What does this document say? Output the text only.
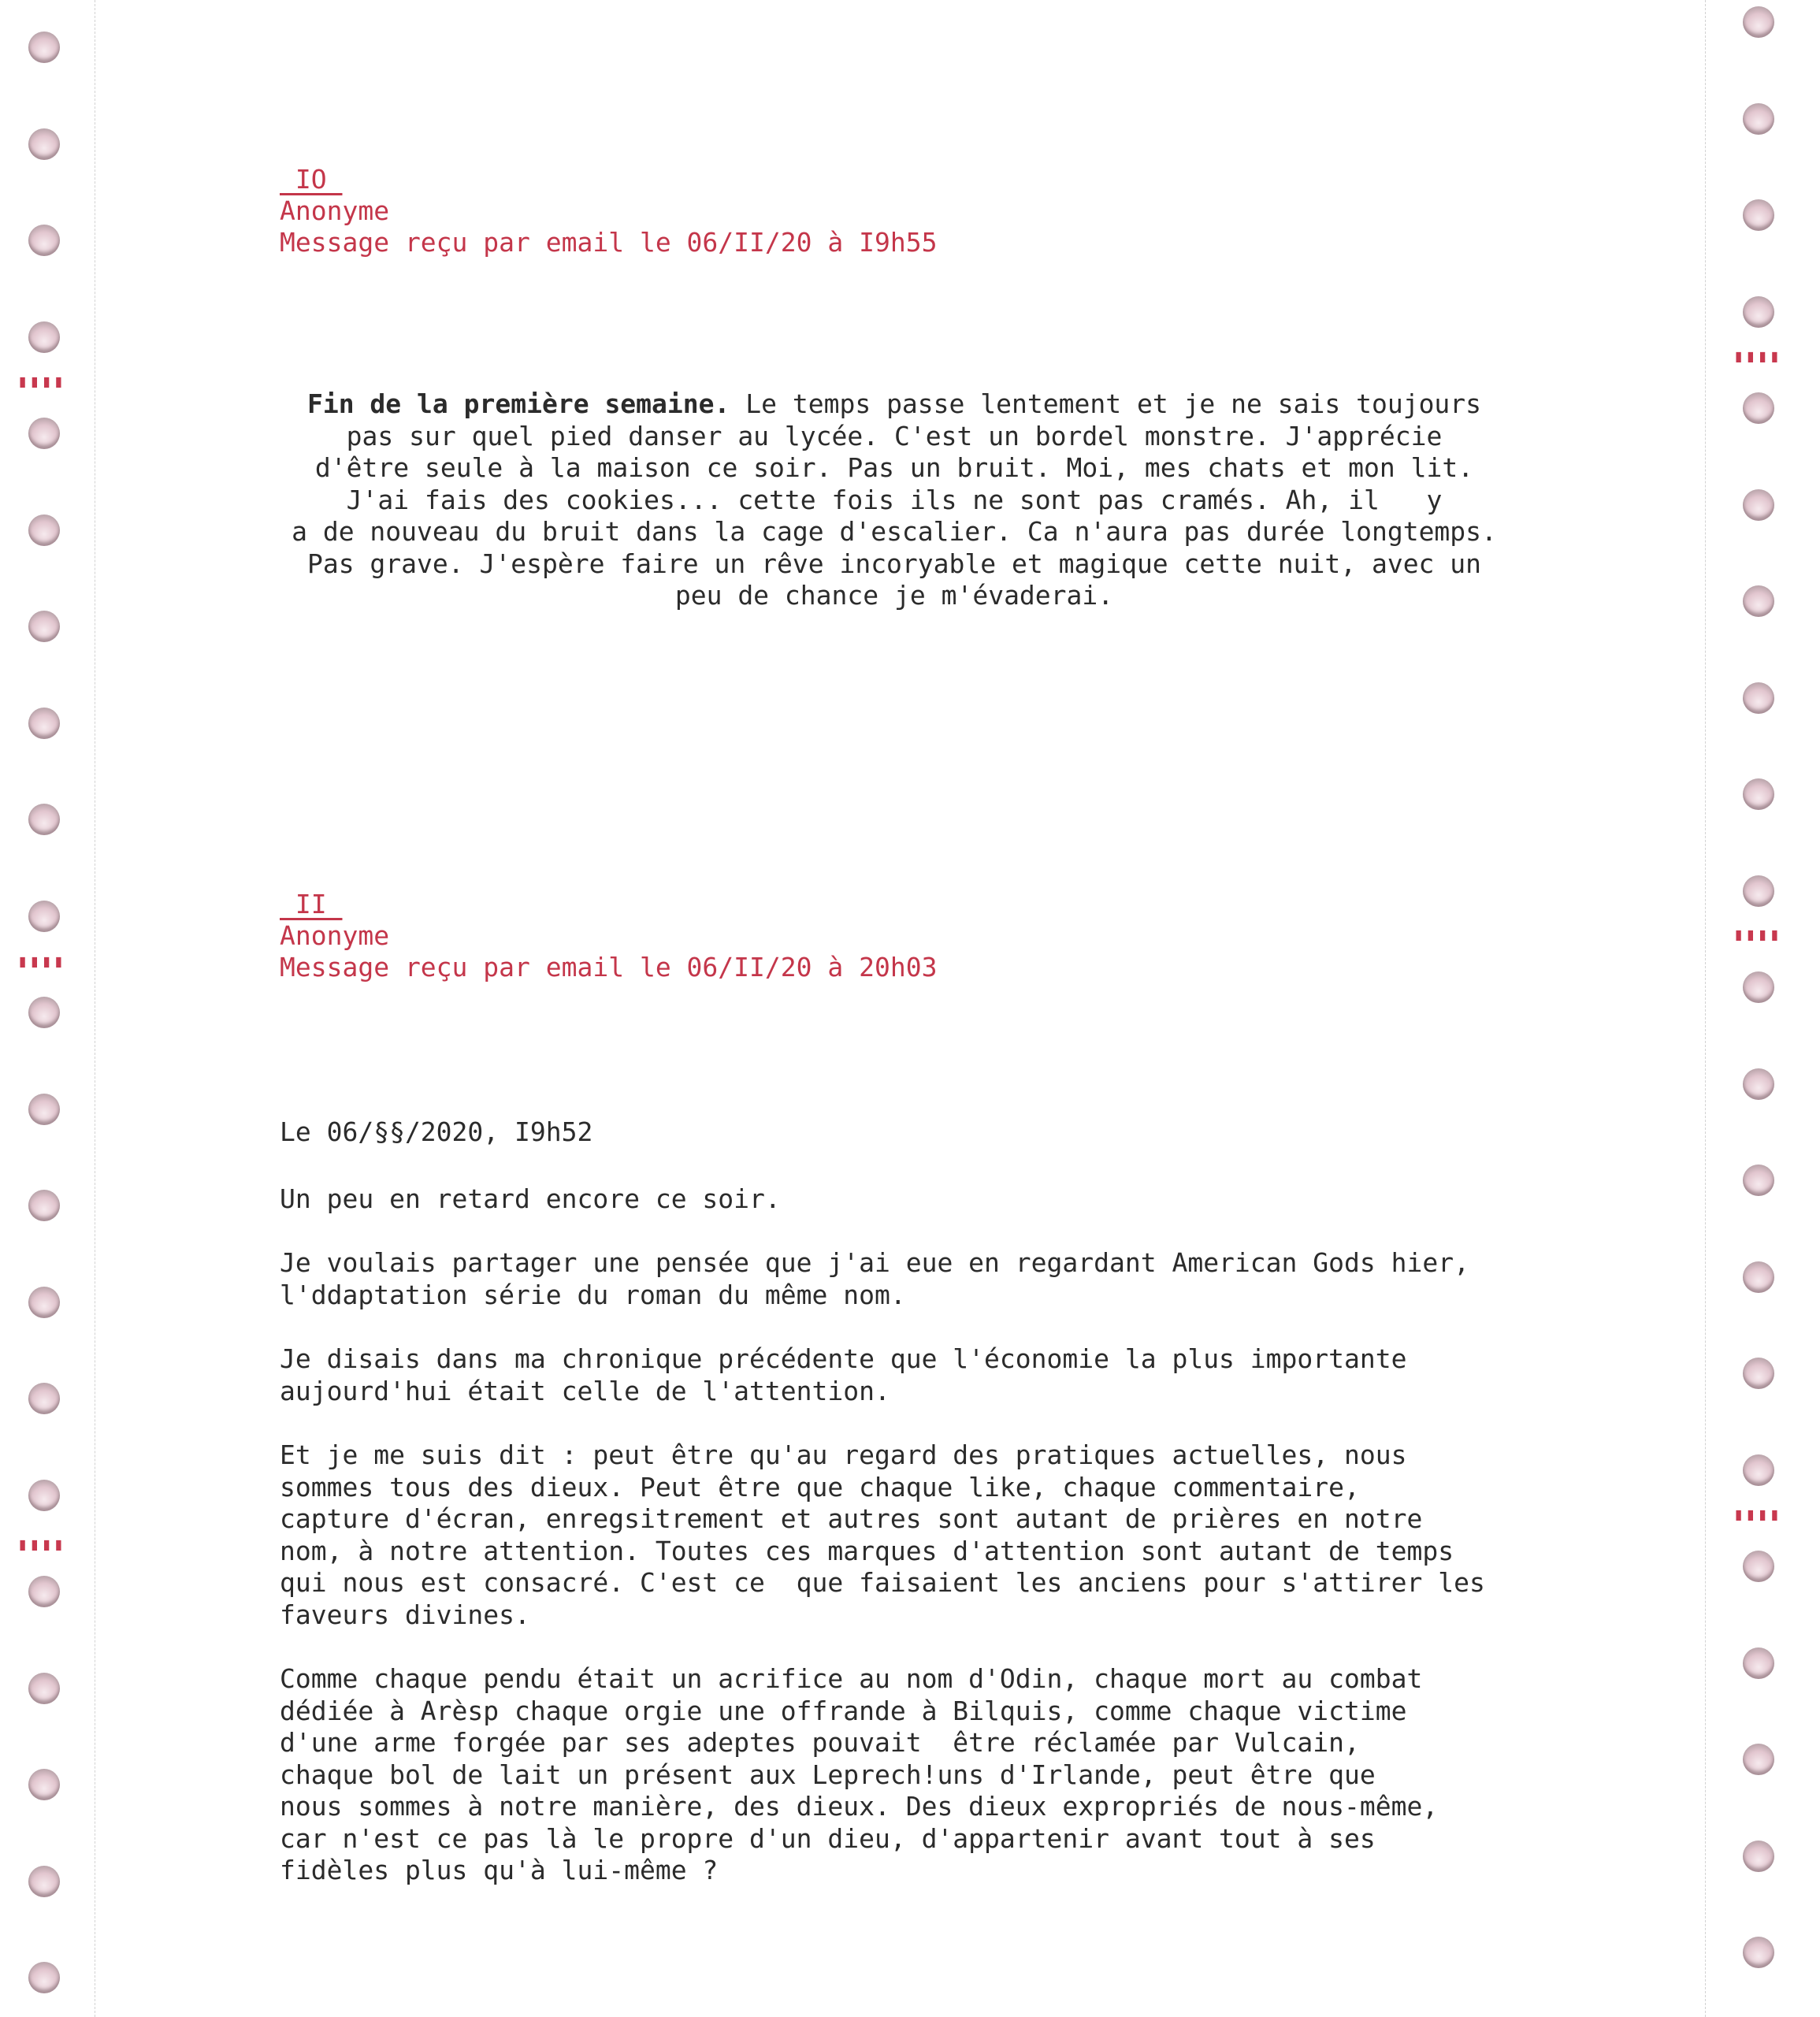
▮▮▮▮
▮▮▮▮
▮▮▮▮
▮▮▮▮
▮▮▮▮
▮▮▮▮
_IO_
Anonyme
Message reçu par email le 06/II/20 à I9h55
Fin de la première semaine. Le temps passe lentement et je ne sais toujours
pas sur quel pied danser au lycée. C'est un bordel monstre. J'apprécie
d'être seule à la maison ce soir. Pas un bruit. Moi, mes chats et mon lit.
J'ai fais des cookies... cette fois ils ne sont pas cramés. Ah, il   y
a de nouveau du bruit dans la cage d'escalier. Ca n'aura pas durée longtemps.
Pas grave. J'espère faire un rêve incoryable et magique cette nuit, avec un
peu de chance je m'évaderai.
_II_
Anonyme
Message reçu par email le 06/II/20 à 20h03
Le 06/§§/2020, I9h52
Un peu en retard encore ce soir.
Je voulais partager une pensée que j'ai eue en regardant American Gods hier,
l'ddaptation série du roman du même nom.
Je disais dans ma chronique précédente que l'économie la plus importante
aujourd'hui était celle de l'attention.
Et je me suis dit : peut être qu'au regard des pratiques actuelles, nous
sommes tous des dieux. Peut être que chaque like, chaque commentaire,
capture d'écran, enregsitrement et autres sont autant de prières en notre
nom, à notre attention. Toutes ces marques d'attention sont autant de temps
qui nous est consacré. C'est ce  que faisaient les anciens pour s'attirer les
faveurs divines.
Comme chaque pendu était un acrifice au nom d'Odin, chaque mort au combat
dédiée à Arèsp chaque orgie une offrande à Bilquis, comme chaque victime
d'une arme forgée par ses adeptes pouvait  être réclamée par Vulcain,
chaque bol de lait un présent aux Leprech!uns d'Irlande, peut être que
nous sommes à notre manière, des dieux. Des dieux expropriés de nous-même,
car n'est ce pas là le propre d'un dieu, d'appartenir avant tout à ses
fidèles plus qu'à lui-même ?
